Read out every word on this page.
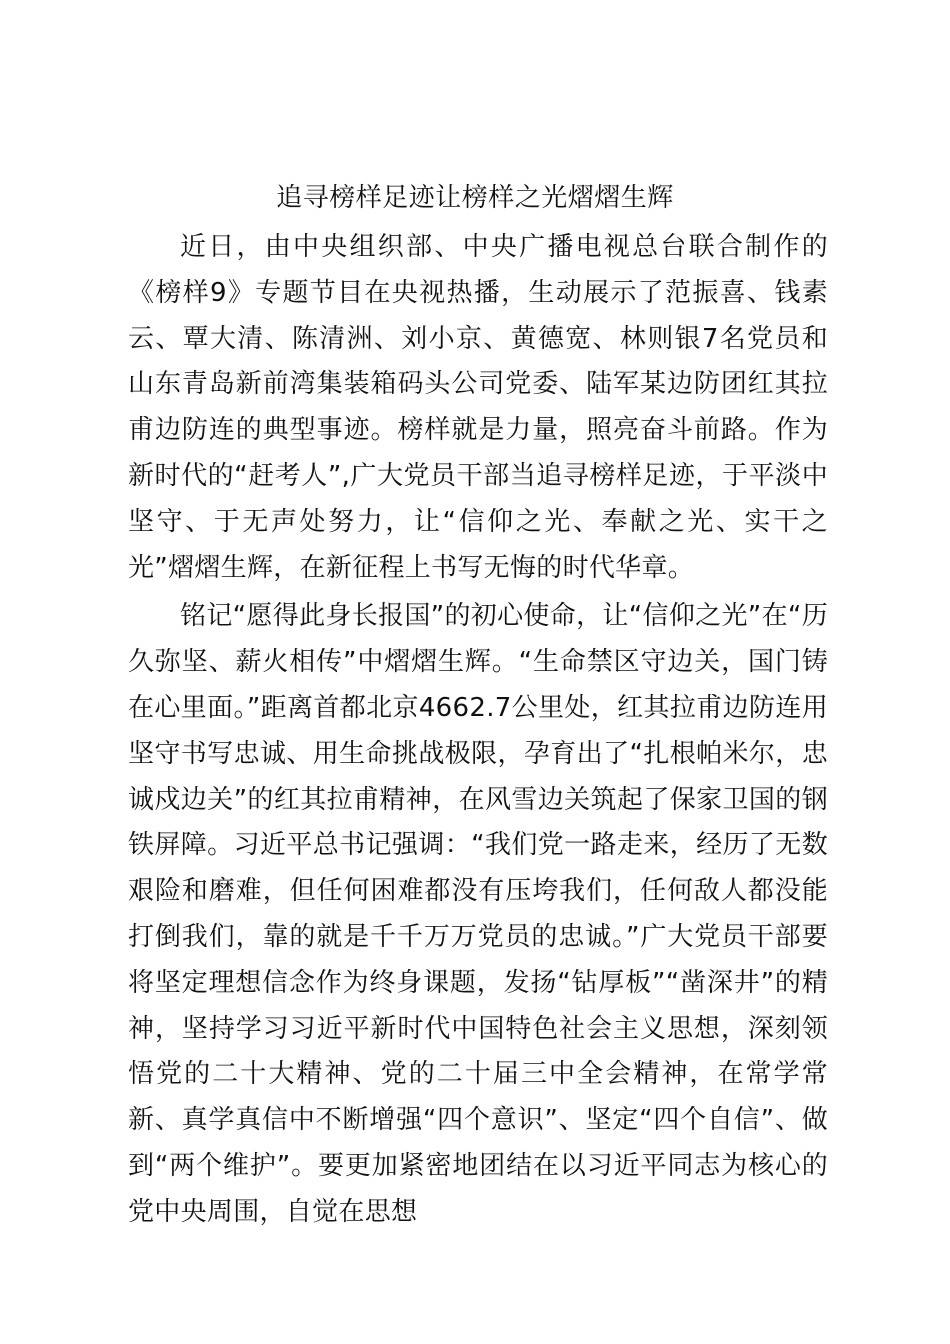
追寻榜样足迹让榜样之光熠熠生辉

近日，由中央组织部、中央广播电视总台联合制作的《榜样9》专题节目在央视热播，生动展示了范振喜、钱素云、覃大清、陈清洲、刘小京、黄德宽、林则银7名党员和山东青岛新前湾集装箱码头公司党委、陆军某边防团红其拉甫边防连的典型事迹。榜样就是力量，照亮奋斗前路。作为新时代的“赶考人”,广大党员干部当追寻榜样足迹，于平淡中坚守、于无声处努力，让“信仰之光、奉献之光、实干之光”熠熠生辉，在新征程上书写无悔的时代华章。

铭记“愿得此身长报国”的初心使命，让“信仰之光”在“历久弥坚、薪火相传”中熠熠生辉。“生命禁区守边关，国门铸在心里面。”距离首都北京4662.7公里处，红其拉甫边防连用坚守书写忠诚、用生命挑战极限，孕育出了“扎根帕米尔，忠诚戍边关”的红其拉甫精神，在风雪边关筑起了保家卫国的钢铁屏障。习近平总书记强调：“我们党一路走来，经历了无数艰险和磨难，但任何困难都没有压垮我们，任何敌人都没能打倒我们，靠的就是千千万万党员的忠诚。”广大党员干部要将坚定理想信念作为终身课题，发扬“钻厚板”“凿深井”的精神，坚持学习习近平新时代中国特色社会主义思想，深刻领悟党的二十大精神、党的二十届三中全会精神，在常学常新、真学真信中不断增强“四个意识”、坚定“四个自信”、做到“两个维护”。要更加紧密地团结在以习近平同志为核心的党中央周围，自觉在思想
